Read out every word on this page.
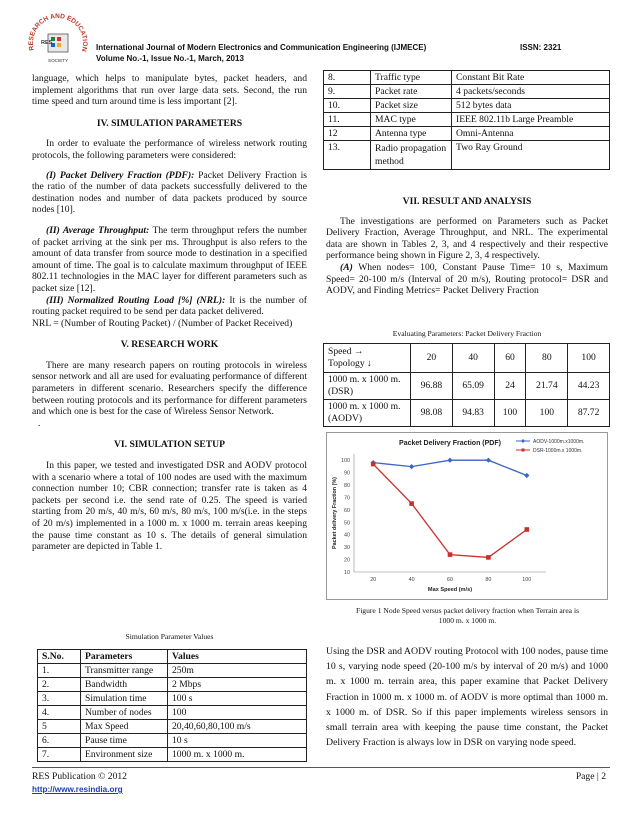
RESEARCH AND EDUCATION
RES
SOCIETY
International Journal of Modern Electronics and Communication Engineering (IJMECE)	ISSN: 2321
Volume No.-1, Issue No.-1, March, 2013

language, which helps to manipulate bytes, packet headers, and implement algorithms that run over large data sets. Second, the run time speed and turn around time is less important [2].

IV. SIMULATION PARAMETERS

In order to evaluate the performance of wireless network routing protocols, the following parameters were considered:

(I) Packet Delivery Fraction (PDF): Packet Delivery Fraction is the ratio of the number of data packets successfully delivered to the destination nodes and number of data packets produced by source nodes [10].

(II) Average Throughput: The term throughput refers the number of packet arriving at the sink per ms. Throughput is also refers to the amount of data transfer from source mode to destination in a specified amount of time. The goal is to calculate maximum throughput of IEEE 802.11 technologies in the MAC layer for different parameters such as packet size [12].

(III) Normalized Routing Load [%] (NRL): It is the number of routing packet required to be send per data packet delivered.

NRL = (Number of Routing Packet) / (Number of Packet Received)

V. RESEARCH WORK

There are many research papers on routing protocols in wireless sensor network and all are used for evaluating performance of different parameters in different scenario. Researchers specify the difference between routing protocols and its performance for different parameters and which one is best for the case of Wireless Sensor Network.

.

VI. SIMULATION SETUP

In this paper, we tested and investigated DSR and AODV protocol with a scenario where a total of 100 nodes are used with the maximum connection number 10; CBR connection; transfer rate is taken as 4 packets per second i.e. the send rate of 0.25. The speed is varied starting from 20 m/s, 40 m/s, 60 m/s, 80 m/s, 100 m/s(i.e. in the steps of 20 m/s) implemented in a 1000 m. x 1000 m. terrain areas keeping the pause time constant as 10 s. The details of general simulation parameter are depicted in Table 1.

Simulation Parameter Values
S.No.	Parameters	Values
1.	Transmitter range	250m
2.	Bandwidth	2 Mbps
3.	Simulation time	100 s
4.	Number of nodes	100
5	Max Speed	20,40,60,80,100 m/s
6.	Pause time	10 s
7.	Environment size	1000 m. x 1000 m.
8.	Traffic type	Constant Bit Rate
9.	Packet rate	4 packets/seconds
10.	Packet size	512 bytes data
11.	MAC type	IEEE 802.11b Large Preamble
12	Antenna type	Omni-Antenna
13.	Radio propagation method	Two Ray Ground
VII. RESULT AND ANALYSIS

The investigations are performed on Parameters such as Packet Delivery Fraction, Average Throughput, and NRL. The experimental data are shown in Tables 2, 3, and 4 respectively and their respective performance being shown in Figure 2, 3, 4 respectively.

(A) When nodes= 100, Constant Pause Time= 10 s, Maximum Speed= 20-100 m/s (Interval of 20 m/s), Routing protocol= DSR and AODV, and Finding Metrics= Packet Delivery Fraction

Evaluating Parameters: Packet Delivery Fraction
Speed →
Topology ↓	20	40	60	80	100
1000 m. x 1000 m. (DSR)	96.88	65.09	24	21.74	44.23
1000 m. x 1000 m. (AODV)	98.08	94.83	100	100	87.72
Packet Delivery Fraction (PDF)
10
20
30
40
50
60
70
80
90
100
20	40	60	80	100
Max Speed (m/s)
Packet delivery Fraction (%)
AODV-1000m.x1000m.
DSR-1000m.x 1000m.
Figure 1 Node Speed versus packet delivery fraction when Terrain area is 1000 m. x 1000 m.
Using the DSR and AODV routing Protocol with 100 nodes, pause time 10 s, varying node speed (20-100 m/s by interval of 20 m/s) and 1000 m. x 1000 m. terrain area, this paper examine that Packet Delivery Fraction in 1000 m. x 1000 m. of AODV is more optimal than 1000 m. x 1000 m. of DSR. So if this paper implements wireless sensors in small terrain area with keeping the pause time constant, the Packet Delivery Fraction is always low in DSR on varying node speed.
RES Publication © 2012
http://www.resindia.org
Page | 2
